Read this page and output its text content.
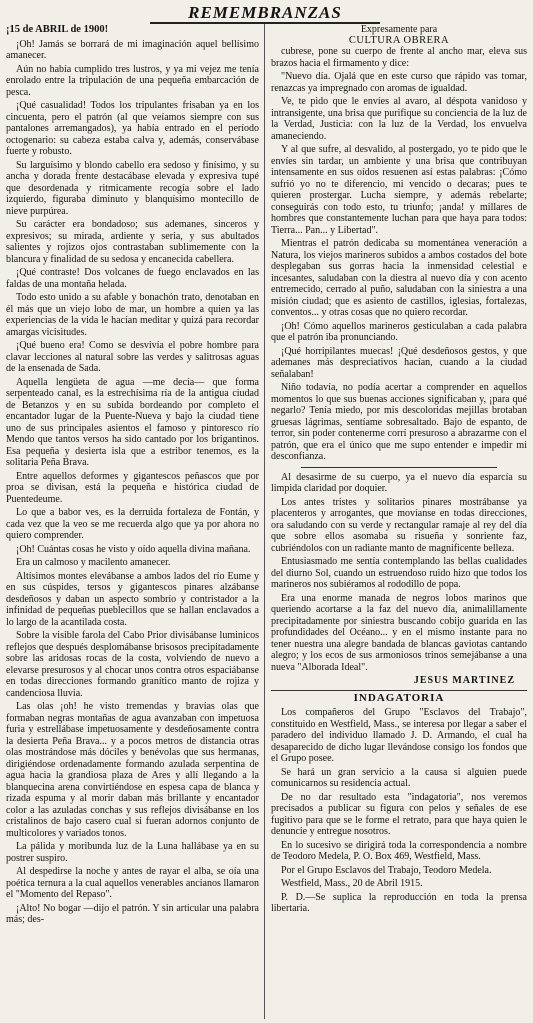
REMEMBRANZAS
¡15 de ABRIL de 1900!

¡Oh! Jamás se borrará de mi imaginación aquel bellísimo amanecer.

Aún no había cumplido tres lustros, y ya mi vejez me tenía enrolado entre la tripulación de una pequeña embarcación de pesca.

¡Qué casualidad! Todos los tripulantes frisaban ya en los cincuenta, pero el patrón (al que veíamos siempre con sus pantalones arremangados), ya había entrado en el período octogenario: su cabeza estaba calva y, además, conservábase fuerte y robusto.

Su larguísimo y blondo cabello era sedoso y finísimo, y su ancha y dorada frente destacábase elevada y expresiva tupé que desordenada y ritmicamente recogía sobre el lado izquierdo, figuraba diminuto y blanquísimo montecillo de nieve purpúrea.

Su carácter era bondadoso; sus ademanes, sinceros y expresivos; su mirada, ardiente y seria, y sus abultados salientes y rojizos ojos contrastaban sublimemente con la blancura y finalidad de su sedosa y encanecida cabellera.

¡Qué contraste! Dos volcanes de fuego enclavados en las faldas de una montaña helada.

Todo esto unido a su afable y bonachón trato, denotaban en él más que un viejo lobo de mar, un hombre a quien ya las experiencias de la vida le hacían meditar y quizá para recordar amargas vicisitudes.

¡Qué bueno era! Como se desvivía el pobre hombre para clavar lecciones al natural sobre las verdes y salitrosas aguas de la ensenada de Sada.

Aquella lengüeta de agua —me decía— que forma serpenteado canal, es la estrechísima ría de la antigua ciudad de Betanzos y en su subida bordeando por completo el encantador lugar de la Puente-Nueva y bajo la ciudad tiene uno de sus principales asientos el famoso y pintoresco río Mendo que tantos versos ha sido cantado por los brigantinos. Esa pequeña y desierta isla que a estribor tenemos, es la solitaria Peña Brava.

Entre aquellos deformes y gigantescos peñascos que por proa se divisan, está la pequeña e histórica ciudad de Puentedeume.

Lo que a babor ves, es la derruida fortaleza de Fontán, y cada vez que la veo se me recuerda algo que ya por ahora no quiero comprender.

¡Oh! Cuántas cosas he visto y oído aquella divina mañana.

Era un calmoso y macilento amanecer.

Altísimos montes elevábanse a ambos lados del río Eume y en sus cúspides, tersos y gigantescos pinares alzábanse desdeñosos y daban un aspecto sombrío y contristador a la infinidad de pequeñas pueblecillos que se hallan enclavados a lo largo de la acantilada costa.

Sobre la visible farola del Cabo Prior divisábanse luminicos reflejos que después desplomábanse brisosos precipitadamente sobre las aridosas rocas de la costa, volviendo de nuevo a elevarse presurosos y al chocar unos contra otros espaciábanse en todas direcciones formando granítico manto de rojiza y candenciosa lluvia.

Las olas ¡oh! he visto tremendas y bravías olas que formaban negras montañas de agua avanzaban con impetuosa furia y estrellábase impetuosamente y desdeñosamente contra la desierta Peña Brava... y a pocos metros de distancia otras olas mostrándose más dóciles y benévolas que sus hermanas, dirigiéndose ordenadamente formando azulada serpentina de agua hacia la grandiosa plaza de Ares y allí llegando a la blanquecina arena convirtiéndose en espesa capa de blanca y rizada espuma y al morir daban más brillante y encantador color a las azuladas conchas y sus reflejos divisábanse en los cristalinos de bajo casero cual si fueran adornos conjunto de multicolores y variados tonos.

La pálida y moribunda luz de la Luna hallábase ya en su postrer suspiro.

Al despedirse la noche y antes de rayar el alba, se oía una poética ternura a la cual aquellos venerables ancianos llamaron el "Momento del Repaso".

¡Alto! No bogar —dijo el patrón. Y sin articular una palabra más; des-

Expresamente para
CULTURA OBRERA

cubrese, pone su cuerpo de frente al ancho mar, eleva sus brazos hacia el firmamento y dice:

"Nuevo día. Ojalá que en este curso que rápido vas tomar, renazcas ya impregnado con aromas de igualdad.

Ve, te pido que le envíes al avaro, al déspota vanidoso y intransigente, una brisa que purifique su conciencia de la luz de la Verdad, Justicia: con la luz de la Verdad, los envuelva amaneciendo.

Y al que sufre, al desvalido, al postergado, yo te pido que le envíes sin tardar, un ambiente y una brisa que contribuyan intensamente en sus oídos resuenen así estas palabras: ¡Cómo sufrió yo no te diferencio, mi vencido o decaras; pues te quieren prostergar. Lucha siempre, y además rebelarte; conseguirás con todo esto, tu triunfo; ¡anda! y millares de hombres que constantemente luchan para que haya para todos: Tierra... Pan... y Libertad".

Mientras el patrón dedicaba su momentánea veneración a Natura, los viejos marineros subidos a ambos costados del bote desplegaban sus gorras hacia la inmensidad celestial e incesantes, saludaban con la diestra al nuevo día y con acento entremecido, cerrado al puño, saludaban con la siniestra a una misión ciudad; que es asiento de castillos, iglesias, fortalezas, conventos... y otras cosas que no quiero recordar.

¡Oh! Cómo aquellos marineros gesticulaban a cada palabra que el patrón iba pronunciando.

¡Qué horripilantes muecas! ¡Qué desdeñosos gestos, y que ademanes más despreciativos hacían, cuando a la ciudad señalaban!

Niño todavía, no podía acertar a comprender en aquellos momentos lo que sus buenas acciones significaban y, ¡para qué negarlo? Tenía miedo, por mis descoloridas mejillas brotaban gruesas lágrimas, sentíame sobresaltado. Bajo de espanto, de terror, sin poder contenerme corrí presuroso a abrazarme con el patrón, que era el único que me supo entender e impedir mi desconfianza.

Al desasirme de su cuerpo, ya el nuevo día esparcía su limpida claridad por doquier.

Los antes tristes y solitarios pinares mostrábanse ya placenteros y arrogantes, que movíanse en todas direcciones, ora saludando con su verde y rectangular ramaje al rey del día que sobre ellos asomaba su risueña y sonriente faz, cubriéndolos con un radiante manto de magnificente belleza.

Entusiasmado me sentía contemplando las bellas cualidades del diurno Sol, cuando un estruendoso ruido hizo que todos los marineros nos subiéramos al rododillo de popa.

Era una enorme manada de negros lobos marinos que queriendo acortarse a la faz del nuevo día, animalillamente precipitadamente por siniestra buscando cobijo guarida en las profundidades del Océano... y en el mismo instante para no tener nuestra una alegre bandada de blancas gaviotas cantando alegro; y los ecos de sus armoniosos trinos semejábanse a una nueva "Alborada Ideal".

JESUS MARTINEZ
INDAGATORIA

Los compañeros del Grupo "Esclavos del Trabajo", constituido en Westfield, Mass., se interesa por llegar a saber el paradero del individuo llamado J. D. Armando, el cual ha desaparecido de dicho lugar llevándose consigo los fondos que el Grupo posee.

Se hará un gran servicio a la causa si alguien puede comunicarnos su residencia actual.

De no dar resultado esta "indagatoria", nos veremos precisados a publicar su figura con pelos y señales de ese fugitivo para que se le forme el retrato, para que haya quien le denuncie y entregue nosotros.

En lo sucesivo se dirigirá toda la correspondencia a nombre de Teodoro Medela, P. O. Box 469, Westfield, Mass.

Por el Grupo Esclavos del Trabajo, Teodoro Medela.

Westfield, Mass., 20 de Abril 1915.

P. D.—Se suplica la reproducción en toda la prensa libertaria.
